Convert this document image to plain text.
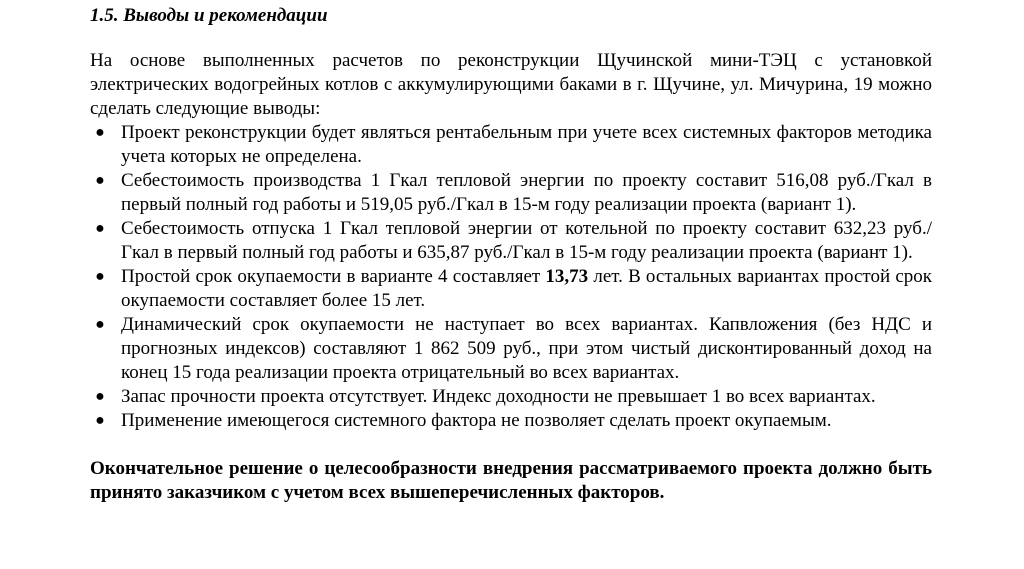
1.5. Выводы и рекомендации

На основе выполненных расчетов по реконструкции Щучинской мини-ТЭЦ с установкой электрических водогрейных котлов с аккумулирующими баками в г. Щучине, ул. Мичурина, 19 можно сделать следующие выводы:

● Проект реконструкции будет являться рентабельным при учете всех системных факторов методика учета которых не определена.
● Себестоимость производства 1 Гкал тепловой энергии по проекту составит 516,08 руб./Гкал в первый полный год работы и 519,05 руб./Гкал в 15-м году реализации проекта (вариант 1).
● Себестоимость отпуска 1 Гкал тепловой энергии от котельной по проекту составит 632,23 руб./Гкал в первый полный год работы и 635,87 руб./Гкал в 15-м году реализации проекта (вариант 1).
● Простой срок окупаемости в варианте 4 составляет 13,73 лет. В остальных вариантах простой срок окупаемости составляет более 15 лет.
● Динамический срок окупаемости не наступает во всех вариантах. Капвложения (без НДС и прогнозных индексов) составляют 1 862 509 руб., при этом чистый дисконтированный доход на конец 15 года реализации проекта отрицательный во всех вариантах.
● Запас прочности проекта отсутствует. Индекс доходности не превышает 1 во всех вариантах.
● Применение имеющегося системного фактора не позволяет сделать проект окупаемым.

Окончательное решение о целесообразности внедрения рассматриваемого проекта должно быть принято заказчиком с учетом всех вышеперечисленных факторов.
